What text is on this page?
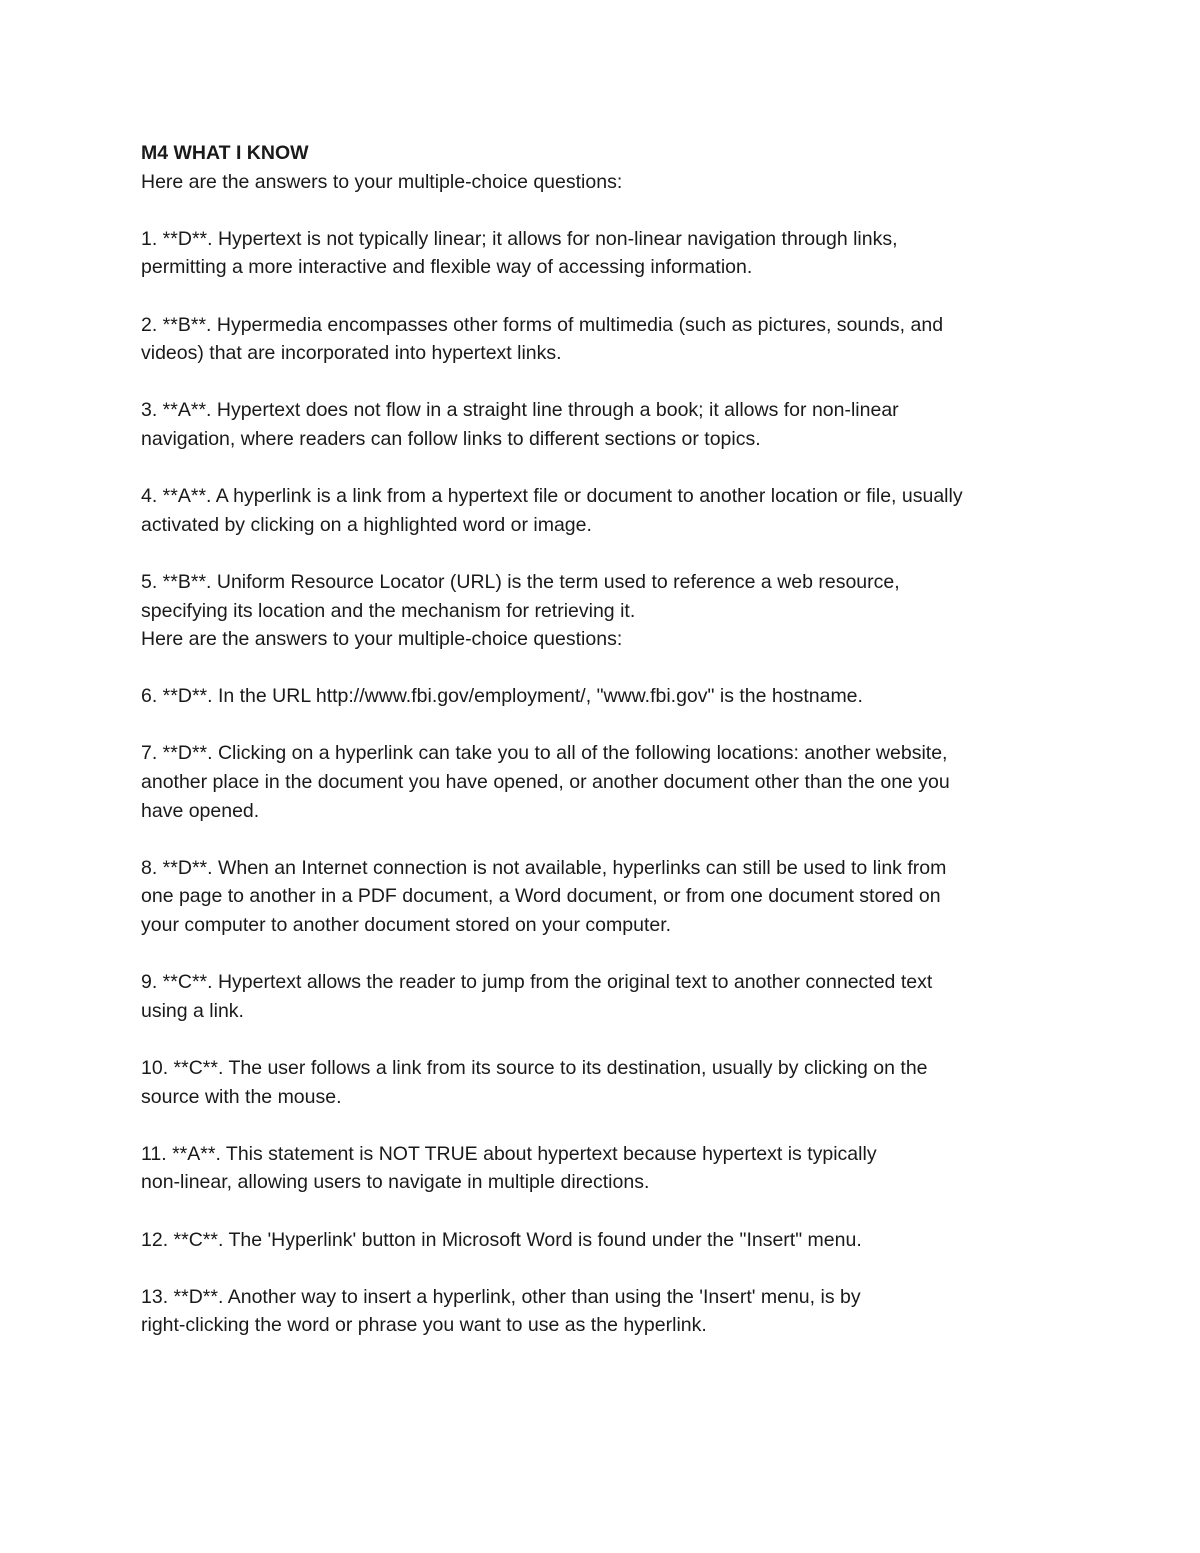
M4 WHAT I KNOW
Here are the answers to your multiple-choice questions:
1. **D**. Hypertext is not typically linear; it allows for non-linear navigation through links,
permitting a more interactive and flexible way of accessing information.
2. **B**. Hypermedia encompasses other forms of multimedia (such as pictures, sounds, and
videos) that are incorporated into hypertext links.
3. **A**. Hypertext does not flow in a straight line through a book; it allows for non-linear
navigation, where readers can follow links to different sections or topics.
4. **A**. A hyperlink is a link from a hypertext file or document to another location or file, usually
activated by clicking on a highlighted word or image.
5. **B**. Uniform Resource Locator (URL) is the term used to reference a web resource,
specifying its location and the mechanism for retrieving it.
Here are the answers to your multiple-choice questions:
6. **D**. In the URL http://www.fbi.gov/employment/, "www.fbi.gov" is the hostname.
7. **D**. Clicking on a hyperlink can take you to all of the following locations: another website,
another place in the document you have opened, or another document other than the one you
have opened.
8. **D**. When an Internet connection is not available, hyperlinks can still be used to link from
one page to another in a PDF document, a Word document, or from one document stored on
your computer to another document stored on your computer.
9. **C**. Hypertext allows the reader to jump from the original text to another connected text
using a link.
10. **C**. The user follows a link from its source to its destination, usually by clicking on the
source with the mouse.
11. **A**. This statement is NOT TRUE about hypertext because hypertext is typically
non-linear, allowing users to navigate in multiple directions.
12. **C**. The 'Hyperlink' button in Microsoft Word is found under the "Insert" menu.
13. **D**. Another way to insert a hyperlink, other than using the 'Insert' menu, is by
right-clicking the word or phrase you want to use as the hyperlink.
